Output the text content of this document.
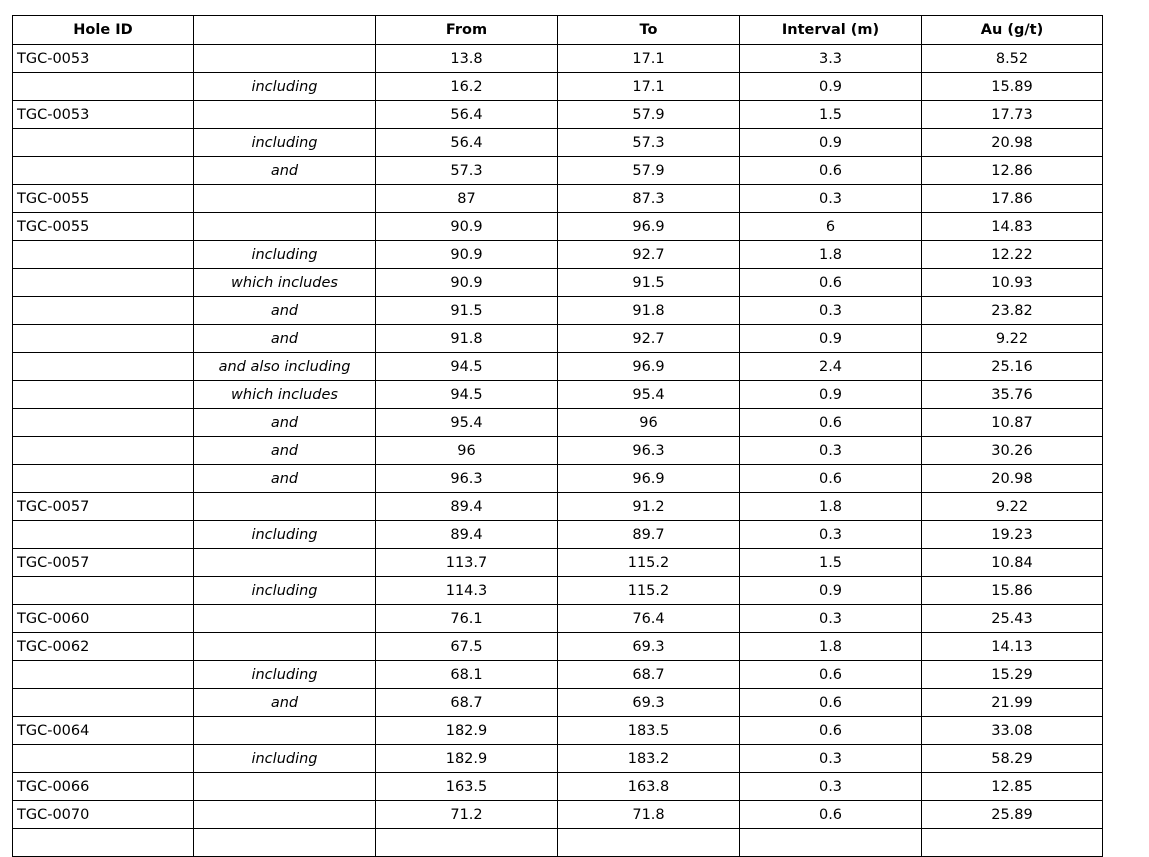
Hole ID		From	To	Interval (m)	Au (g/t)
TGC-0053		13.8	17.1	3.3	8.52
	including	16.2	17.1	0.9	15.89
TGC-0053		56.4	57.9	1.5	17.73
	including	56.4	57.3	0.9	20.98
	and	57.3	57.9	0.6	12.86
TGC-0055		87	87.3	0.3	17.86
TGC-0055		90.9	96.9	6	14.83
	including	90.9	92.7	1.8	12.22
	which includes	90.9	91.5	0.6	10.93
	and	91.5	91.8	0.3	23.82
	and	91.8	92.7	0.9	9.22
	and also including	94.5	96.9	2.4	25.16
	which includes	94.5	95.4	0.9	35.76
	and	95.4	96	0.6	10.87
	and	96	96.3	0.3	30.26
	and	96.3	96.9	0.6	20.98
TGC-0057		89.4	91.2	1.8	9.22
	including	89.4	89.7	0.3	19.23
TGC-0057		113.7	115.2	1.5	10.84
	including	114.3	115.2	0.9	15.86
TGC-0060		76.1	76.4	0.3	25.43
TGC-0062		67.5	69.3	1.8	14.13
	including	68.1	68.7	0.6	15.29
	and	68.7	69.3	0.6	21.99
TGC-0064		182.9	183.5	0.6	33.08
	including	182.9	183.2	0.3	58.29
TGC-0066		163.5	163.8	0.3	12.85
TGC-0070		71.2	71.8	0.6	25.89
